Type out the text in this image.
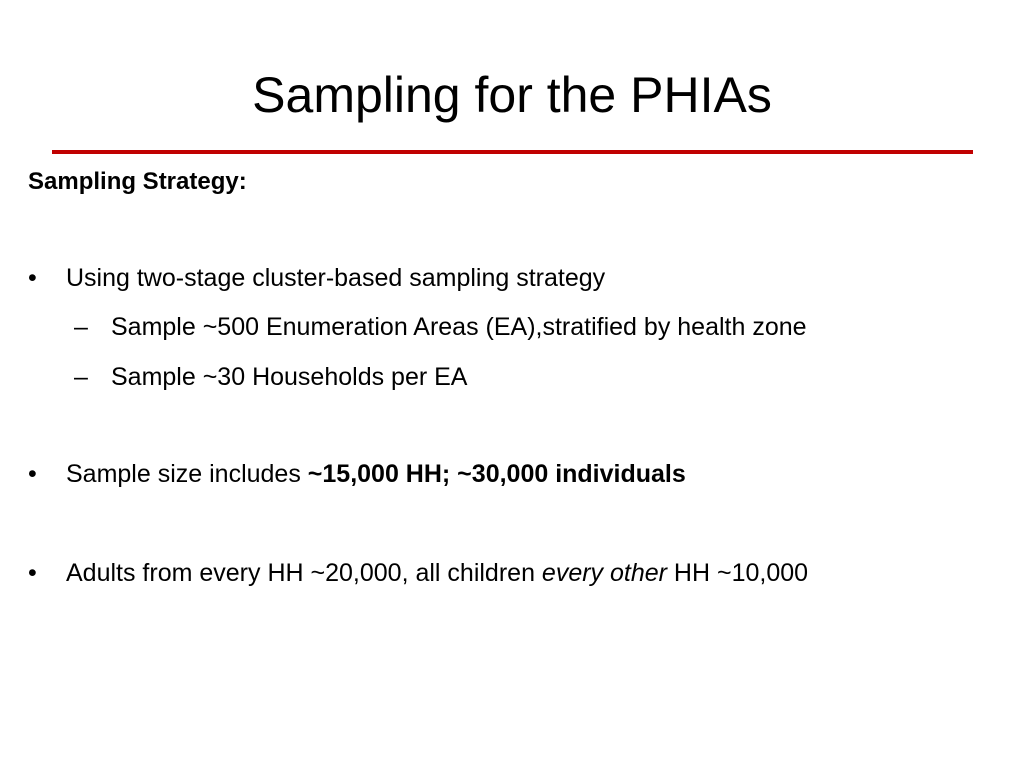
Sampling for the PHIAs
Sampling Strategy:
• Using two-stage cluster-based sampling strategy
– Sample ~500 Enumeration Areas (EA),stratified by health zone
– Sample ~30 Households per EA
• Sample size includes ~15,000 HH; ~30,000 individuals
• Adults from every HH ~20,000, all children every other HH ~10,000
